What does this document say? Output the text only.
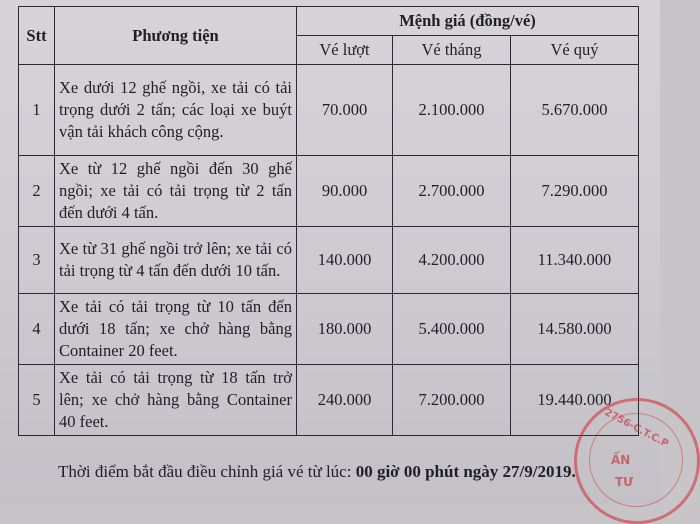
Stt	Phương tiện	Mệnh giá (đồng/vé)		
		Vé lượt	Vé tháng	Vé quý
1	Xe dưới 12 ghế ngồi, xe tải có tải trọng dưới 2 tấn; các loại xe buýt vận tải khách công cộng.	70.000	2.100.000	5.670.000
2	Xe từ 12 ghế ngồi đến 30 ghế ngồi; xe tải có tải trọng từ 2 tấn đến dưới 4 tấn.	90.000	2.700.000	7.290.000
3	Xe từ 31 ghế ngồi trở lên; xe tải có tải trọng từ 4 tấn đến dưới 10 tấn.	140.000	4.200.000	11.340.000
4	Xe tải có tải trọng từ 10 tấn đến dưới 18 tấn; xe chở hàng bằng Container 20 feet.	180.000	5.400.000	14.580.000
5	Xe tải có tải trọng từ 18 tấn trở lên; xe chở hàng bằng Container 40 feet.	240.000	7.200.000	19.440.000
Thời điểm bắt đầu điều chỉnh giá vé từ lúc: 00 giờ 00 phút ngày 27/9/2019.
2756-C.T.C.P
ẤN
TƯ
